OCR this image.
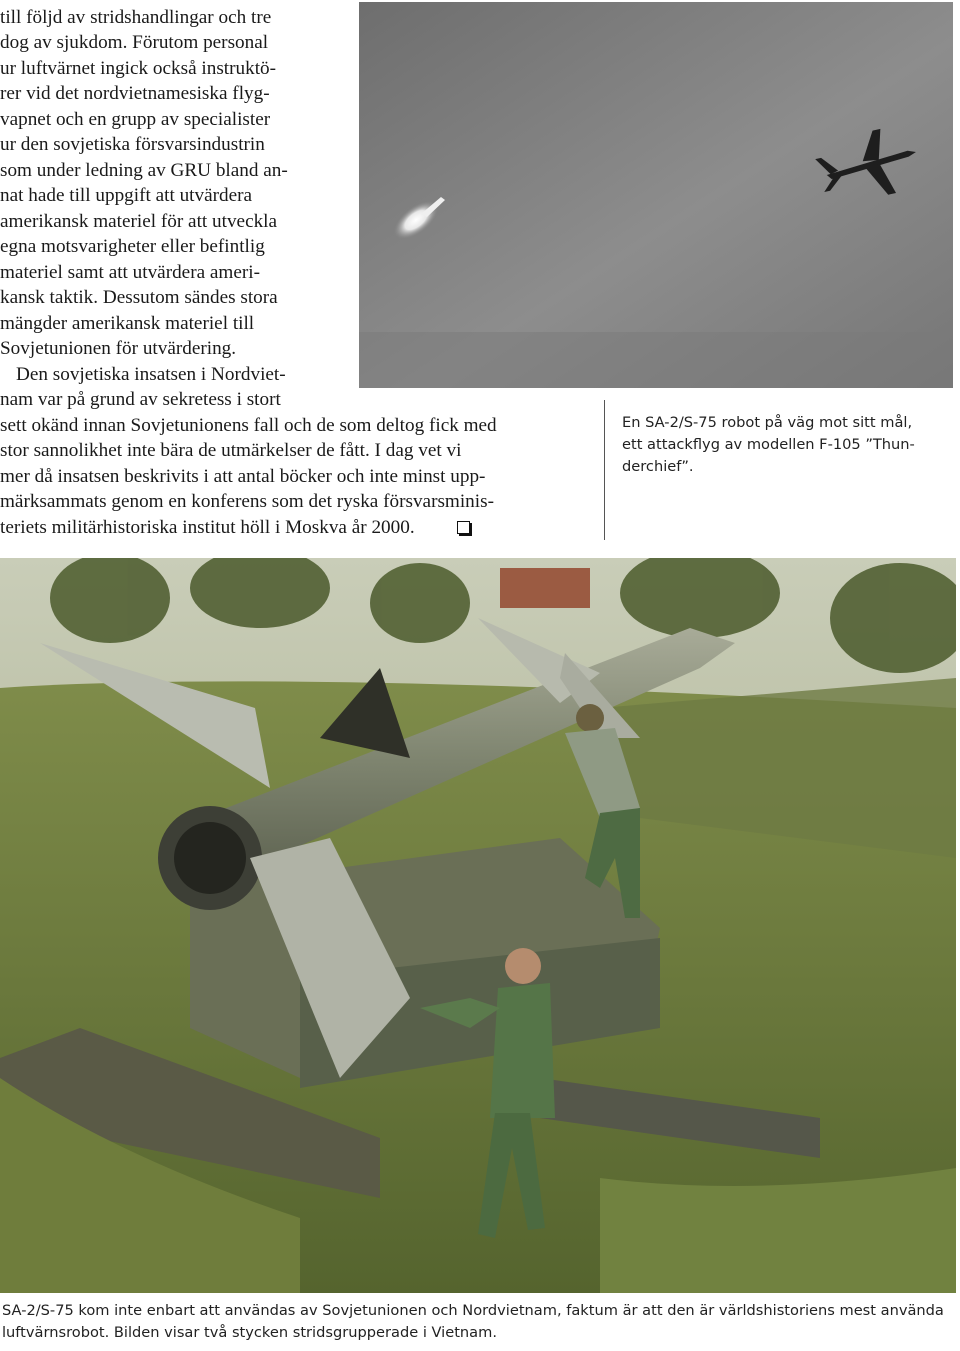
till följd av stridshandlingar och tre
dog av sjukdom. Förutom personal
ur luftvärnet ingick också instruktö-
rer vid det nordvietnamesiska flyg-
vapnet och en grupp av specialister
ur den sovjetiska försvarsindustrin
som under ledning av GRU bland an-
nat hade till uppgift att utvärdera
amerikansk materiel för att utveckla
egna motsvarigheter eller befintlig
materiel samt att utvärdera ameri-
kansk taktik. Dessutom sändes stora
mängder amerikansk materiel till
Sovjetunionen för utvärdering.
Den sovjetiska insatsen i Nordviet-
nam var på grund av sekretess i stort
sett okänd innan Sovjetunionens fall och de som deltog fick med
stor sannolikhet inte bära de utmärkelser de fått. I dag vet vi
mer då insatsen beskrivits i att antal böcker och inte minst upp-
märksammats genom en konferens som det ryska försvarsminis-
teriets militärhistoriska institut höll i Moskva år 2000.
En SA-2/S-75 robot på väg mot sitt mål,
ett attackflyg av modellen F-105 ”Thun-
derchief”.
SA-2/S-75 kom inte enbart att användas av Sovjetunionen och Nordvietnam, faktum är att den är världshistoriens mest använda
luftvärnsrobot. Bilden visar två stycken stridsgrupperade i Vietnam.
